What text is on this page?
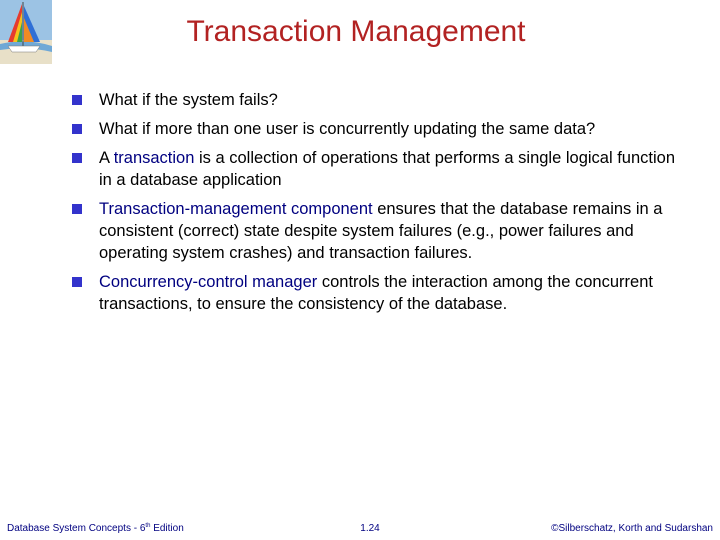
Transaction Management
What if the system fails?
What if more than one user is concurrently updating the same data?
A transaction is a collection of operations that performs a single logical function in a database application
Transaction-management component ensures that the database remains in a consistent (correct) state despite system failures (e.g., power failures and operating system crashes) and transaction failures.
Concurrency-control manager controls the interaction among the concurrent transactions, to ensure the consistency of the database.
Database System Concepts - 6th Edition	1.24	©Silberschatz, Korth and Sudarshan
